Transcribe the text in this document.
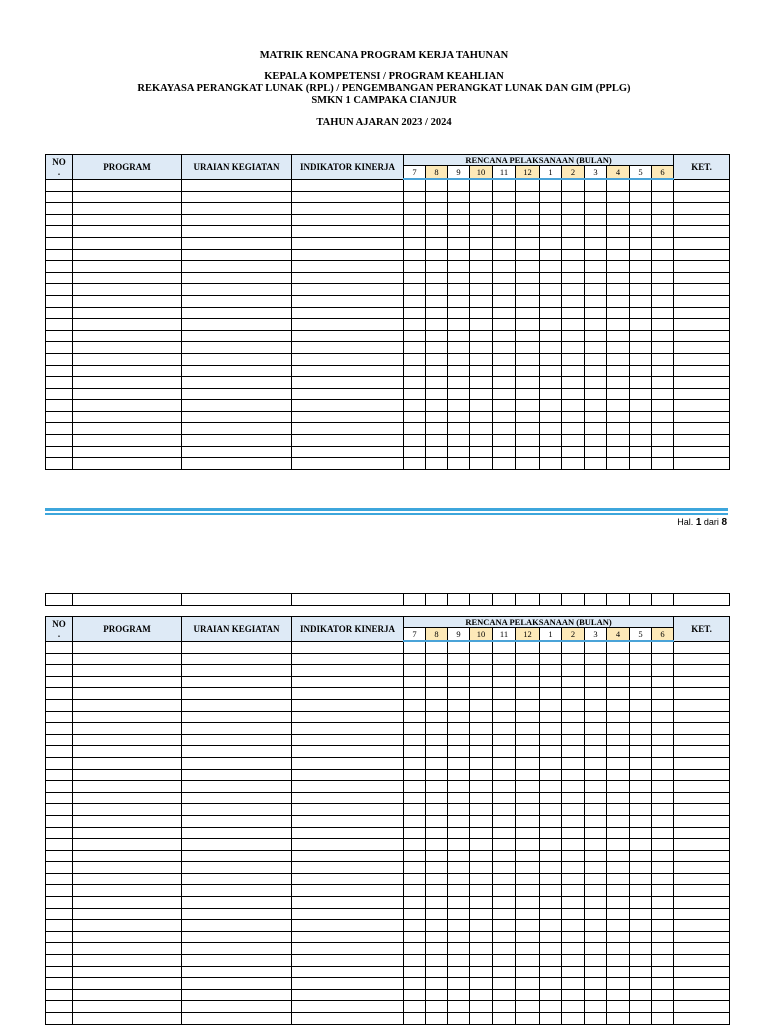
MATRIK RENCANA PROGRAM KERJA TAHUNAN
KEPALA KOMPETENSI / PROGRAM KEAHLIAN
REKAYASA PERANGKAT LUNAK (RPL) / PENGEMBANGAN PERANGKAT LUNAK DAN GIM (PPLG)
SMKN 1 CAMPAKA CIANJUR
TAHUN AJARAN 2023 / 2024
NO
.	PROGRAM	URAIAN KEGIATAN	INDIKATOR KINERJA	RENCANA PELAKSANAAN (BULAN)												KET.
				7	8	9	10	11	12	1	2	3	4	5	6	

Hal. 1 dari 8

NO
.	PROGRAM	URAIAN KEGIATAN	INDIKATOR KINERJA	RENCANA PELAKSANAAN (BULAN)												KET.
				7	8	9	10	11	12	1	2	3	4	5	6	
